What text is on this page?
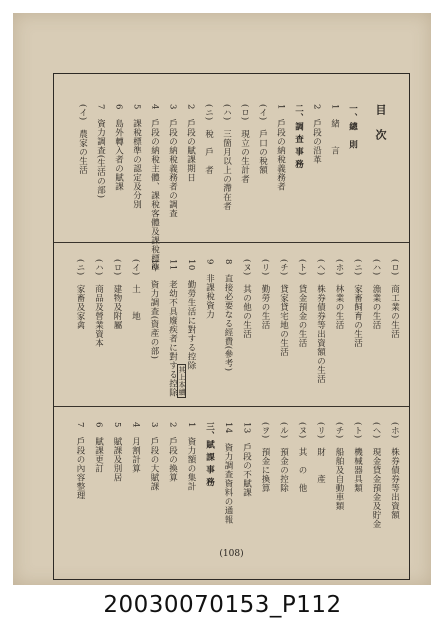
目次
一、總　則
1　緒　　言
2　戶段の沿革
二、調 査 事 務
1　戶段の納稅義務者
(イ)　戶口の稅額
(ロ)　現立の生計者
(ハ)　三箇月以上の滯在者
(ニ)　稅　戶　者
2　戶段の賦課期日
3　戶段の納稅義務者の調查
4　戶段の納稅主體、課稅客體及課稅標準
5　課稅標準の認定及分別
6　島外轉入者の賦課
7　資力調查(生活の部)
(イ)　農家の生活
(ロ)　商工業の生活
(ハ)　漁業の生活
(ニ)　家畜飼育の生活
(ホ)　林業の生活
(ヘ)　株券債券等出資額の生活
(ト)　貸金預金の生活
(チ)　貸家貸宅地の生活
(リ)　勤勞の生活
(ヌ)　其の他の生活
8　直接必要なる經費(參考)
9　非課稅資力
10　勤勞生活に對する控除
11　老幼不具廢疾者に對する控除
12　資力調查(資產の部)
(イ)　土　　地
(ロ)　建物及附屬
(ハ)　商品及營業資本
(ニ)　家畜及家禽
其上本續
(ホ)　株券債券等出資額
(ヘ)　現金貸金預金及貯金
(ト)　機械器具類
(チ)　船舶及自動車類
(リ)　財　　產
(ヌ)　其　の　他
(ル)　預金の控除
(ヲ)　預金に換算
13　戶段の不賦課
14　資力調查資料の通報
三、賦 課 事 務
1　資力額の集計
2　戶段の換算
3　戶段の大賦課
4　月割計算
5　賦課及別居
6　賦課更訂
7　戶段の內容整理
(108)
20030070153_P112
